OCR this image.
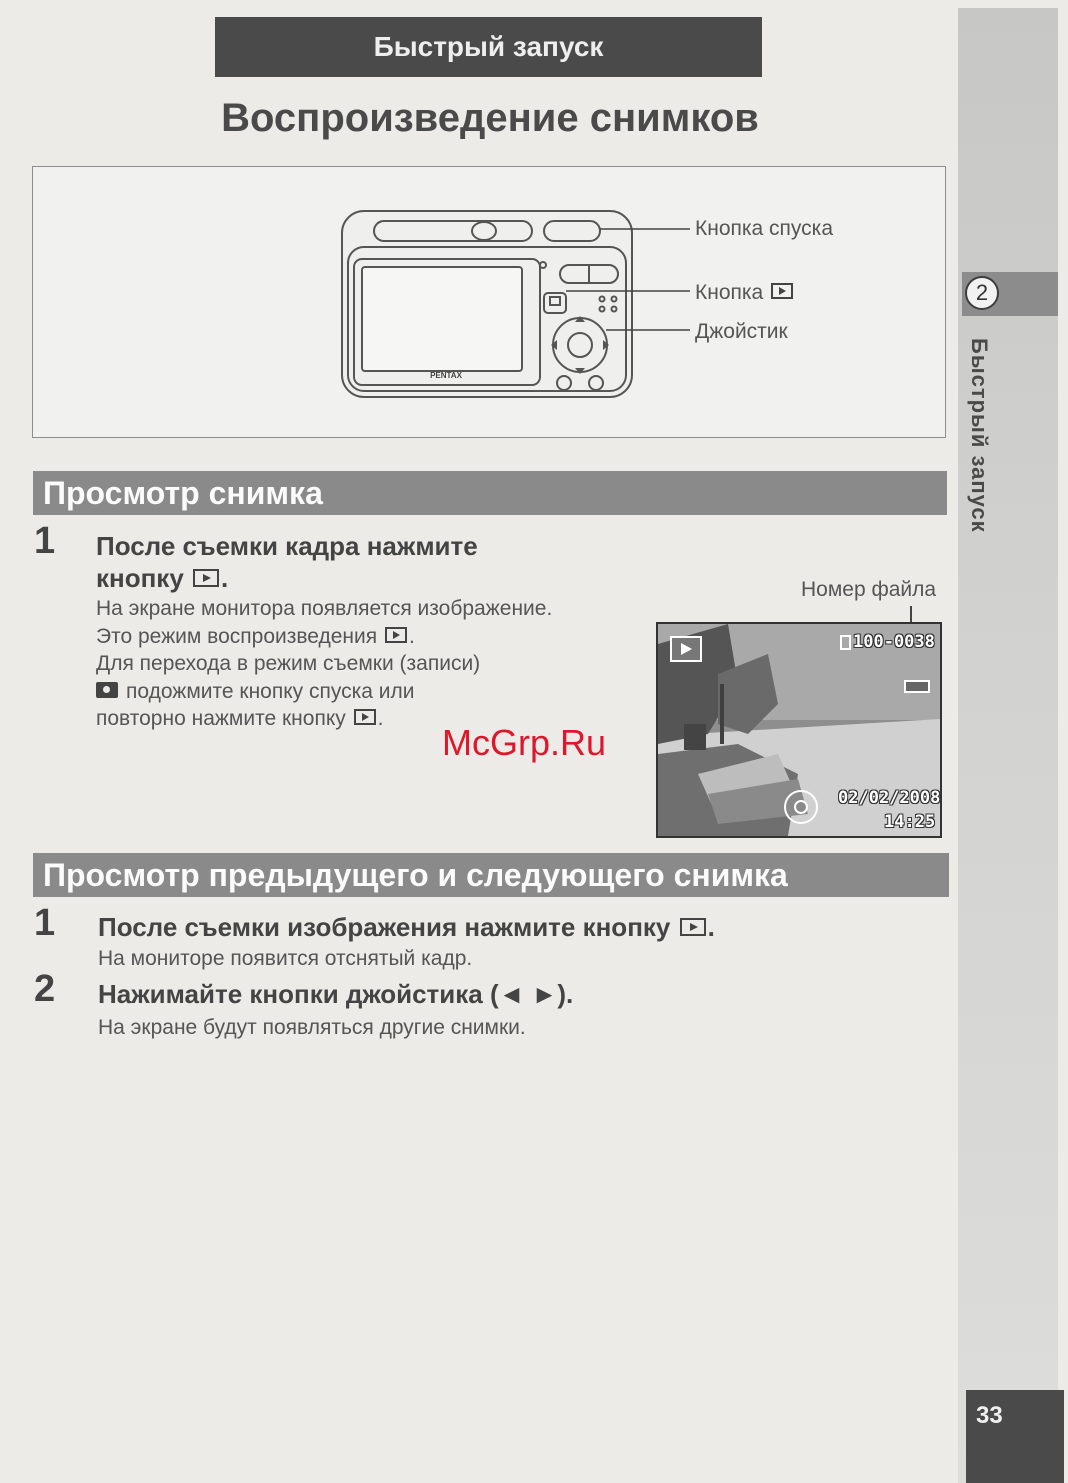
2
Быстрый запуск
33
Быстрый запуск
Воспроизведение снимков
PENTAX
Кнопка спуска
Кнопка
Джойстик
Просмотр снимка
1 После съемки кадра нажмите
кнопку .
На экране монитора появляется изображение.
Это режим воспроизведения .
Для перехода в режим съемки (записи)
подожмите кнопку спуска или
повторно нажмите кнопку .
Номер файла
100-0038
02/02/2008
14:25
McGrp.Ru
Просмотр предыдущего и следующего снимка
1 После съемки изображения нажмите кнопку .
На мониторе появится отснятый кадр.
2 Нажимайте кнопки джойстика (◄ ►).
На экране будут появляться другие снимки.
